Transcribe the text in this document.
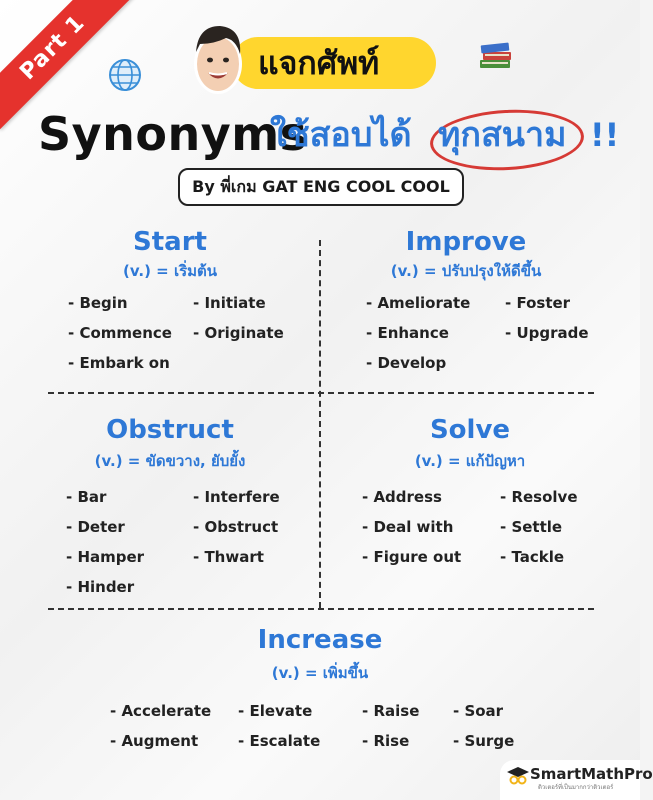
Part 1	แจกศัพท์
Synonyms
ใช้สอบได้ ทุกสนาม !!
By พี่เกม GAT ENG COOL COOL
Start
(v.) = เริ่มต้น
- Begin
- Commence
- Embark on
- Initiate
- Originate
Improve
(v.) = ปรับปรุงให้ดีขึ้น
- Ameliorate
- Enhance
- Develop
- Foster
- Upgrade
Obstruct
(v.) = ขัดขวาง, ยับยั้ง
- Bar
- Deter
- Hamper
- Hinder
- Interfere
- Obstruct
- Thwart
Solve
(v.) = แก้ปัญหา
- Address
- Deal with
- Figure out
- Resolve
- Settle
- Tackle
Increase
(v.) = เพิ่มขึ้น
- Accelerate
- Augment
- Elevate
- Escalate
- Raise
- Rise
- Soar
- Surge
SmartMathPro
ติวเตอร์ที่เป็นมากกว่าติวเตอร์
